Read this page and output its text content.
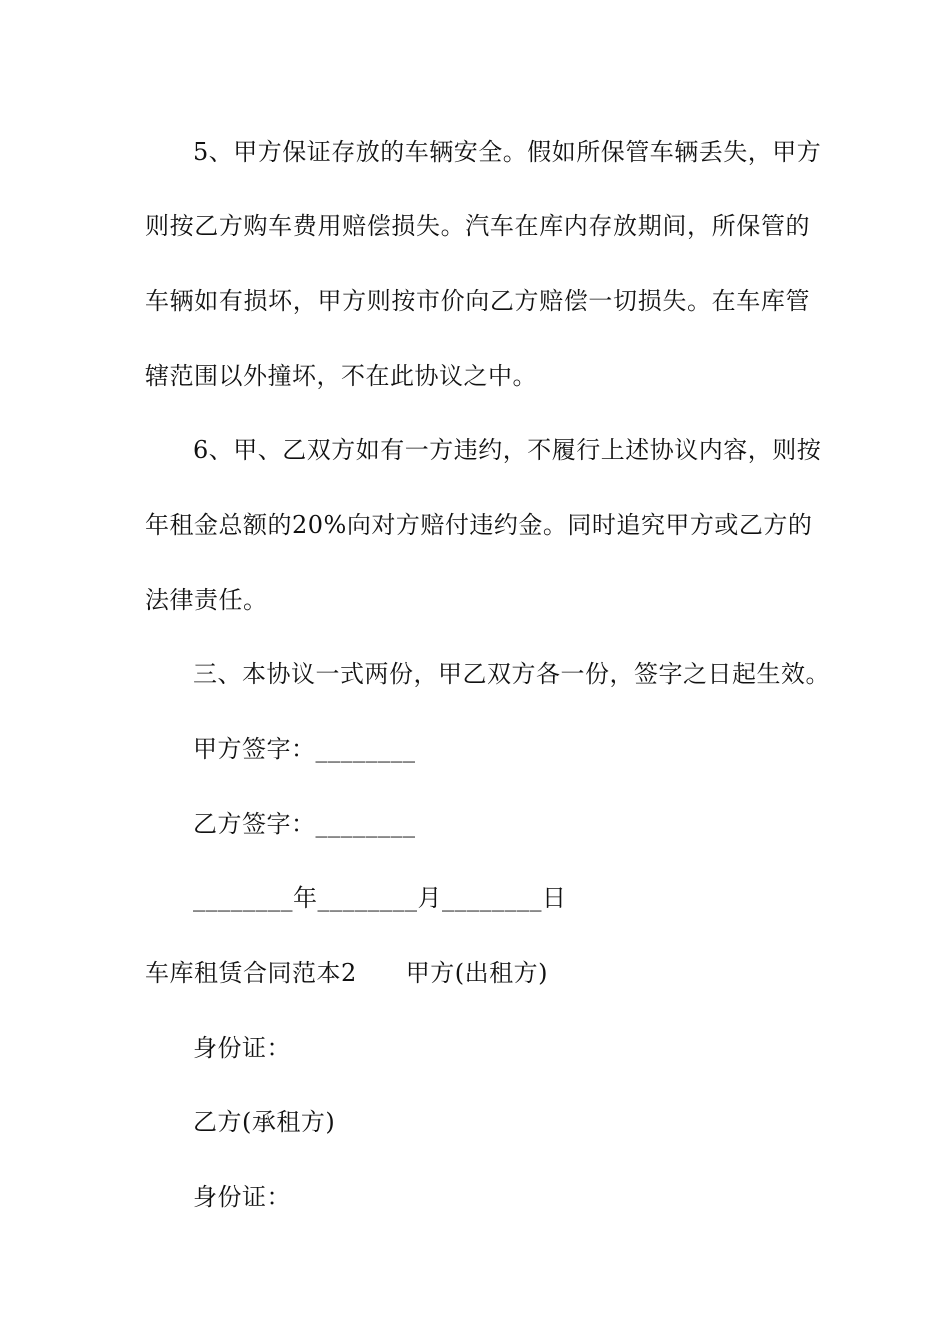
5、甲方保证存放的车辆安全。假如所保管车辆丢失，甲方
则按乙方购车费用赔偿损失。汽车在库内存放期间，所保管的
车辆如有损坏，甲方则按市价向乙方赔偿一切损失。在车库管
辖范围以外撞坏，不在此协议之中。
6、甲、乙双方如有一方违约，不履行上述协议内容，则按
年租金总额的20%向对方赔付违约金。同时追究甲方或乙方的
法律责任。
三、本协议一式两份，甲乙双方各一份，签字之日起生效。
甲方签字：________
乙方签字：________
________年________月________日
车库租赁合同范本2　　甲方(出租方)
身份证：
乙方(承租方)
身份证：
